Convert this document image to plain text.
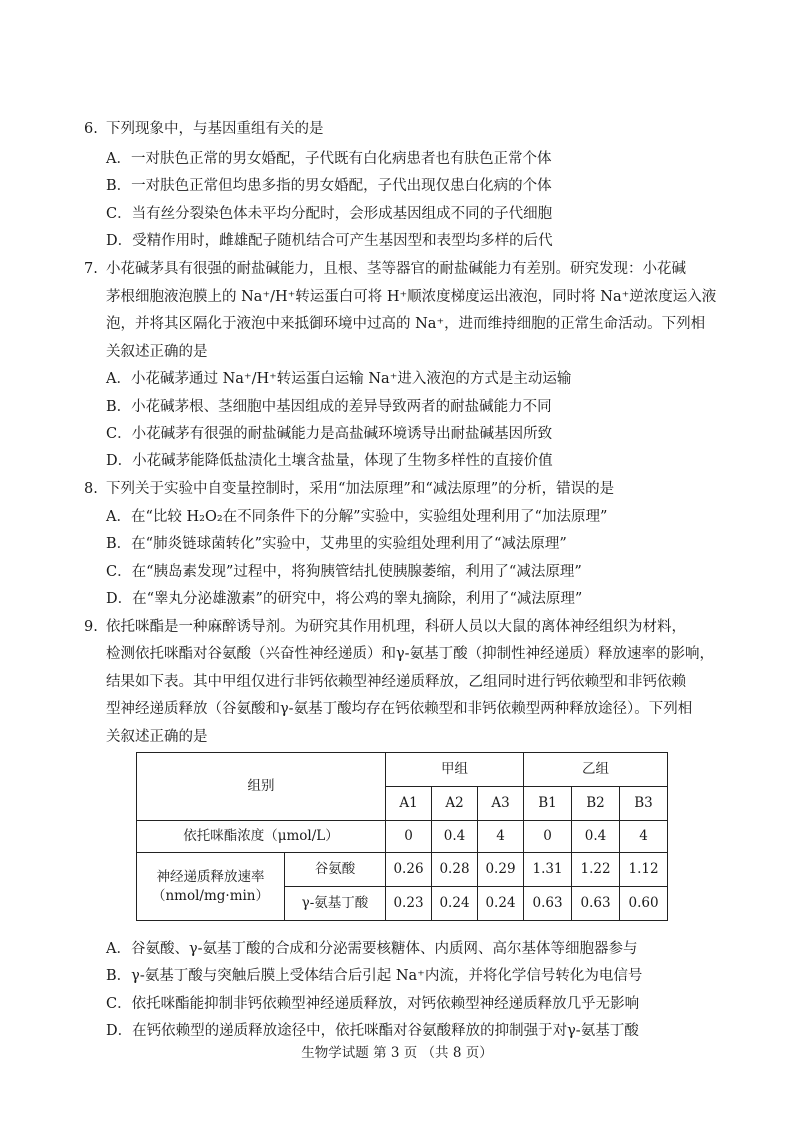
6. 下列现象中，与基因重组有关的是
A．一对肤色正常的男女婚配，子代既有白化病患者也有肤色正常个体
B．一对肤色正常但均患多指的男女婚配，子代出现仅患白化病的个体
C．当有丝分裂染色体未平均分配时，会形成基因组成不同的子代细胞
D．受精作用时，雌雄配子随机结合可产生基因型和表型均多样的后代
7. 小花碱茅具有很强的耐盐碱能力，且根、茎等器官的耐盐碱能力有差别。研究发现：小花碱
茅根细胞液泡膜上的 Na⁺/H⁺转运蛋白可将 H⁺顺浓度梯度运出液泡，同时将 Na⁺逆浓度运入液
泡，并将其区隔化于液泡中来抵御环境中过高的 Na⁺，进而维持细胞的正常生命活动。下列相
关叙述正确的是
A．小花碱茅通过 Na⁺/H⁺转运蛋白运输 Na⁺进入液泡的方式是主动运输
B．小花碱茅根、茎细胞中基因组成的差异导致两者的耐盐碱能力不同
C．小花碱茅有很强的耐盐碱能力是高盐碱环境诱导出耐盐碱基因所致
D．小花碱茅能降低盐渍化土壤含盐量，体现了生物多样性的直接价值
8. 下列关于实验中自变量控制时，采用“加法原理”和“减法原理”的分析，错误的是
A．在“比较 H₂O₂在不同条件下的分解”实验中，实验组处理利用了“加法原理”
B．在“肺炎链球菌转化”实验中，艾弗里的实验组处理利用了“减法原理”
C．在“胰岛素发现”过程中，将狗胰管结扎使胰腺萎缩，利用了“减法原理”
D．在“睾丸分泌雄激素”的研究中，将公鸡的睾丸摘除，利用了“减法原理”
9. 依托咪酯是一种麻醉诱导剂。为研究其作用机理，科研人员以大鼠的离体神经组织为材料，
检测依托咪酯对谷氨酸（兴奋性神经递质）和γ-氨基丁酸（抑制性神经递质）释放速率的影响，
结果如下表。其中甲组仅进行非钙依赖型神经递质释放，乙组同时进行钙依赖型和非钙依赖
型神经递质释放（谷氨酸和γ-氨基丁酸均存在钙依赖型和非钙依赖型两种释放途径）。下列相
关叙述正确的是
组别		甲组			乙组		
		A1	A2	A3	B1	B2	B3
依托咪酯浓度（μmol/L）		0	0.4	4	0	0.4	4

神经递质释放速率
（nmol/mg·min）	谷氨酸	0.26	0.28	0.29	1.31	1.22	1.12
	γ-氨基丁酸	0.23	0.24	0.24	0.63	0.63	0.60
A．谷氨酸、γ-氨基丁酸的合成和分泌需要核糖体、内质网、高尔基体等细胞器参与
B．γ-氨基丁酸与突触后膜上受体结合后引起 Na⁺内流，并将化学信号转化为电信号
C．依托咪酯能抑制非钙依赖型神经递质释放，对钙依赖型神经递质释放几乎无影响
D．在钙依赖型的递质释放途径中，依托咪酯对谷氨酸释放的抑制强于对γ-氨基丁酸
生物学试题 第 3 页 （共 8 页）
